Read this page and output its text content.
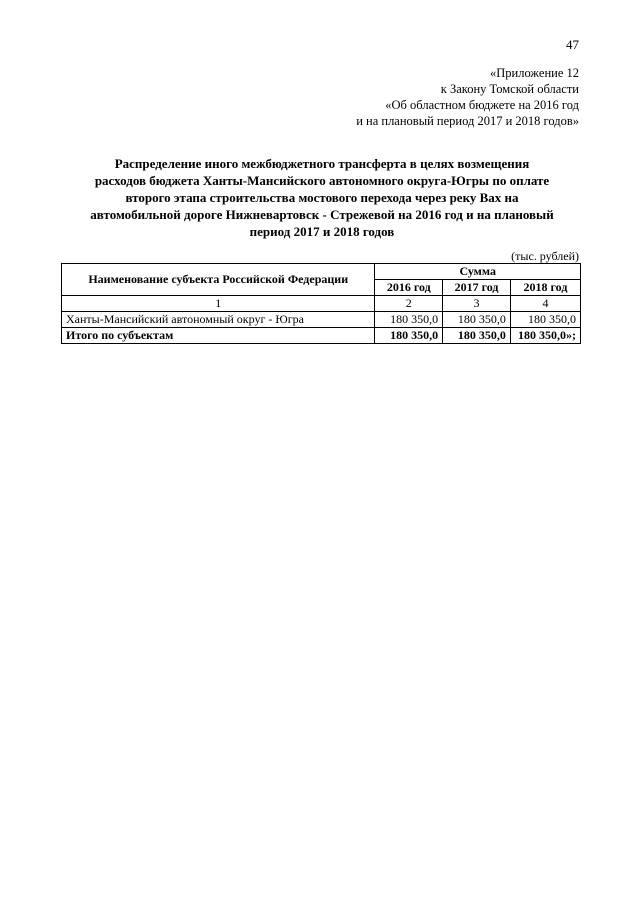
47
«Приложение 12
к Закону Томской области
«Об областном бюджете на 2016 год
и на плановый период 2017 и 2018 годов»
Распределение иного межбюджетного трансферта в целях возмещения
расходов бюджета Ханты-Мансийского автономного округа-Югры по оплате
второго этапа строительства мостового перехода через реку Вах на
автомобильной дороге Нижневартовск - Стрежевой на 2016 год и на плановый
период 2017 и 2018 годов
(тыс. рублей)
Наименование субъекта Российской Федерации	Сумма		
	2016 год	2017 год	2018 год
1	2	3	4
Ханты-Мансийский автономный округ - Югра	180 350,0	180 350,0	180 350,0
Итого по субъектам	180 350,0	180 350,0	180 350,0»;
